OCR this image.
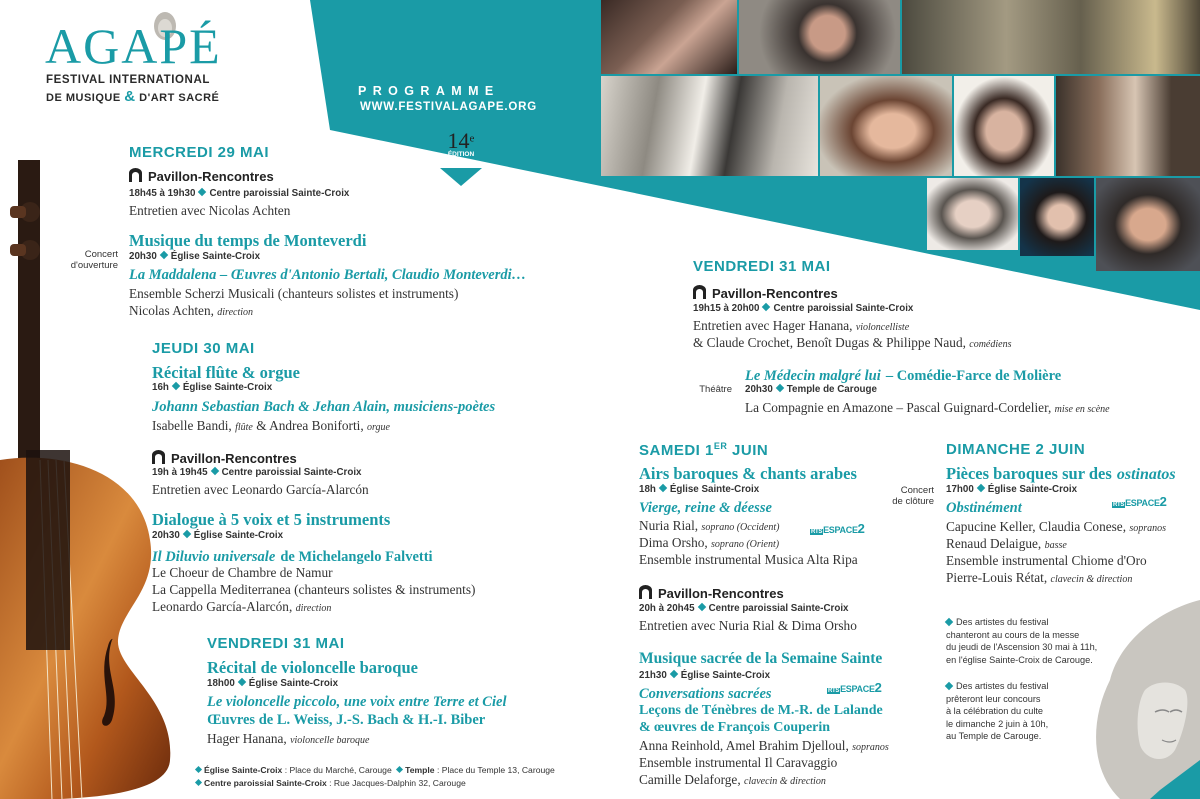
AGAPÉ
FESTIVAL INTERNATIONAL
DE MUSIQUE & D'ART SACRÉ	PROGRAMME
WWW.FESTIVALAGAPE.ORG
14e
ÉDITION
Concert
d'ouverture
Théâtre
Concert
de clôture
MERCREDI 29 MAI
Pavillon-Rencontres
18h45 à 19h30 Centre paroissial Sainte-Croix
Entretien avec Nicolas Achten
Musique du temps de Monteverdi
20h30 Église Sainte-Croix
La Maddalena – Œuvres d'Antonio Bertali, Claudio Monteverdi…
Ensemble Scherzi Musicali (chanteurs solistes et instruments)
Nicolas Achten, direction
JEUDI 30 MAI
Récital flûte & orgue
16h Église Sainte-Croix
Johann Sebastian Bach & Jehan Alain, musiciens-poètes
Isabelle Bandi, flûte & Andrea Boniforti, orgue
Pavillon-Rencontres
19h à 19h45 Centre paroissial Sainte-Croix
Entretien avec Leonardo García-Alarcón
Dialogue à 5 voix et 5 instruments
20h30 Église Sainte-Croix
Il Diluvio universale de Michelangelo Falvetti
Le Choeur de Chambre de Namur
La Cappella Mediterranea (chanteurs solistes & instruments)
Leonardo García-Alarcón, direction
VENDREDI 31 MAI
Récital de violoncelle baroque
18h00 Église Sainte-Croix
Le violoncelle piccolo, une voix entre Terre et Ciel
Œuvres de L. Weiss, J.-S. Bach & H.-I. Biber
Hager Hanana, violoncelle baroque
Église Sainte-Croix : Place du Marché, Carouge Temple : Place du Temple 13, Carouge
Centre paroissial Sainte-Croix : Rue Jacques-Dalphin 32, Carouge
VENDREDI 31 MAI
Pavillon-Rencontres
19h15 à 20h00 Centre paroissial Sainte-Croix
Entretien avec Hager Hanana, violoncelliste
& Claude Crochet, Benoît Dugas & Philippe Naud, comédiens
Le Médecin malgré lui – Comédie-Farce de Molière
20h30 Temple de Carouge
La Compagnie en Amazone – Pascal Guignard-Cordelier, mise en scène
SAMEDI 1ER JUIN
Airs baroques & chants arabes
18h Église Sainte-Croix
Vierge, reine & déesse
Nuria Rial, soprano (Occident)	RTSESPACE2
Dima Orsho, soprano (Orient)
Ensemble instrumental Musica Alta Ripa
Pavillon-Rencontres
20h à 20h45 Centre paroissial Sainte-Croix
Entretien avec Nuria Rial & Dima Orsho
Musique sacrée de la Semaine Sainte
21h30 Église Sainte-Croix
RTSESPACE2
Conversations sacrées
Leçons de Ténèbres de M.-R. de Lalande
& œuvres de François Couperin
Anna Reinhold, Amel Brahim Djelloul, sopranos
Ensemble instrumental Il Caravaggio
Camille Delaforge, clavecin & direction
DIMANCHE 2 JUIN
Pièces baroques sur des ostinatos
17h00 Église Sainte-Croix
RTSESPACE2
Obstinément
Capucine Keller, Claudia Conese, sopranos
Renaud Delaigue, basse
Ensemble instrumental Chiome d'Oro
Pierre-Louis Rétat, clavecin & direction
Des artistes du festival
chanteront au cours de la messe
du jeudi de l'Ascension 30 mai à 11h,
en l'église Sainte-Croix de Carouge.
Des artistes du festival
prêteront leur concours
à la célébration du culte
le dimanche 2 juin à 10h,
au Temple de Carouge.
